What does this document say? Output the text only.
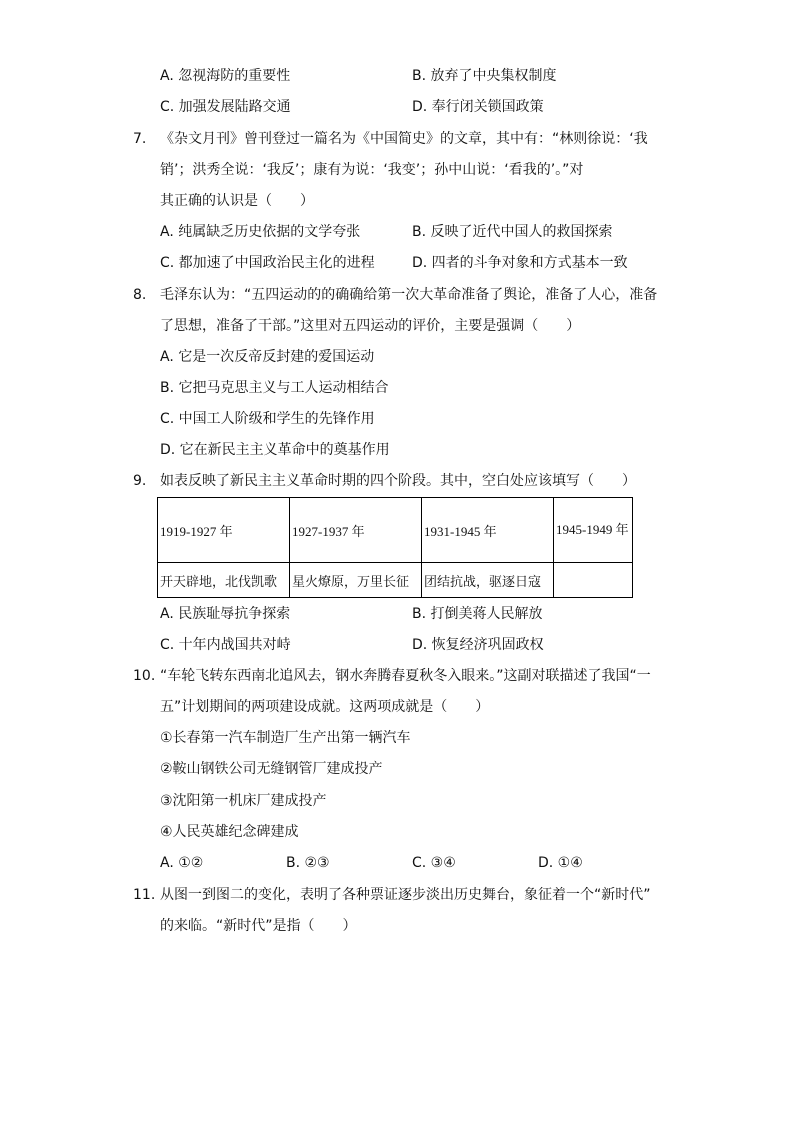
A. 忽视海防的重要性	B. 放弃了中央集权制度
C. 加强发展陆路交通	D. 奉行闭关锁国政策
7. 《杂文月刊》曾刊登过一篇名为《中国简史》的文章，其中有：“林则徐说：‘我
销’；洪秀全说：‘我反’；康有为说：‘我变’；孙中山说：‘看我的’。”对
其正确的认识是（　　）
A. 纯属缺乏历史依据的文学夸张	B. 反映了近代中国人的救国探索
C. 都加速了中国政治民主化的进程	D. 四者的斗争对象和方式基本一致
8. 毛泽东认为：“五四运动的的确确给第一次大革命准备了舆论，准备了人心，准备
了思想，准备了干部。”这里对五四运动的评价，主要是强调（　　）
A. 它是一次反帝反封建的爱国运动
B. 它把马克思主义与工人运动相结合
C. 中国工人阶级和学生的先锋作用
D. 它在新民主主义革命中的奠基作用
9. 如表反映了新民主主义革命时期的四个阶段。其中，空白处应该填写（　　）
1919-1927 年	1927-1937 年	1931-1945 年	1945-1949 年
开天辟地，北伐凯歌	星火燎原，万里长征	团结抗战，驱逐日寇	
A. 民族耻辱抗争探索	B. 打倒美蒋人民解放
C. 十年内战国共对峙	D. 恢复经济巩固政权
10. “车轮飞转东西南北追风去，钢水奔腾春夏秋冬入眼来。”这副对联描述了我国“一
五”计划期间的两项建设成就。这两项成就是（　　）
①长春第一汽车制造厂生产出第一辆汽车
②鞍山钢铁公司无缝钢管厂建成投产
③沈阳第一机床厂建成投产
④人民英雄纪念碑建成
A. ①②	B. ②③	C. ③④	D. ①④
11. 从图一到图二的变化，表明了各种票证逐步淡出历史舞台，象征着一个“新时代”
的来临。“新时代”是指（　　）
